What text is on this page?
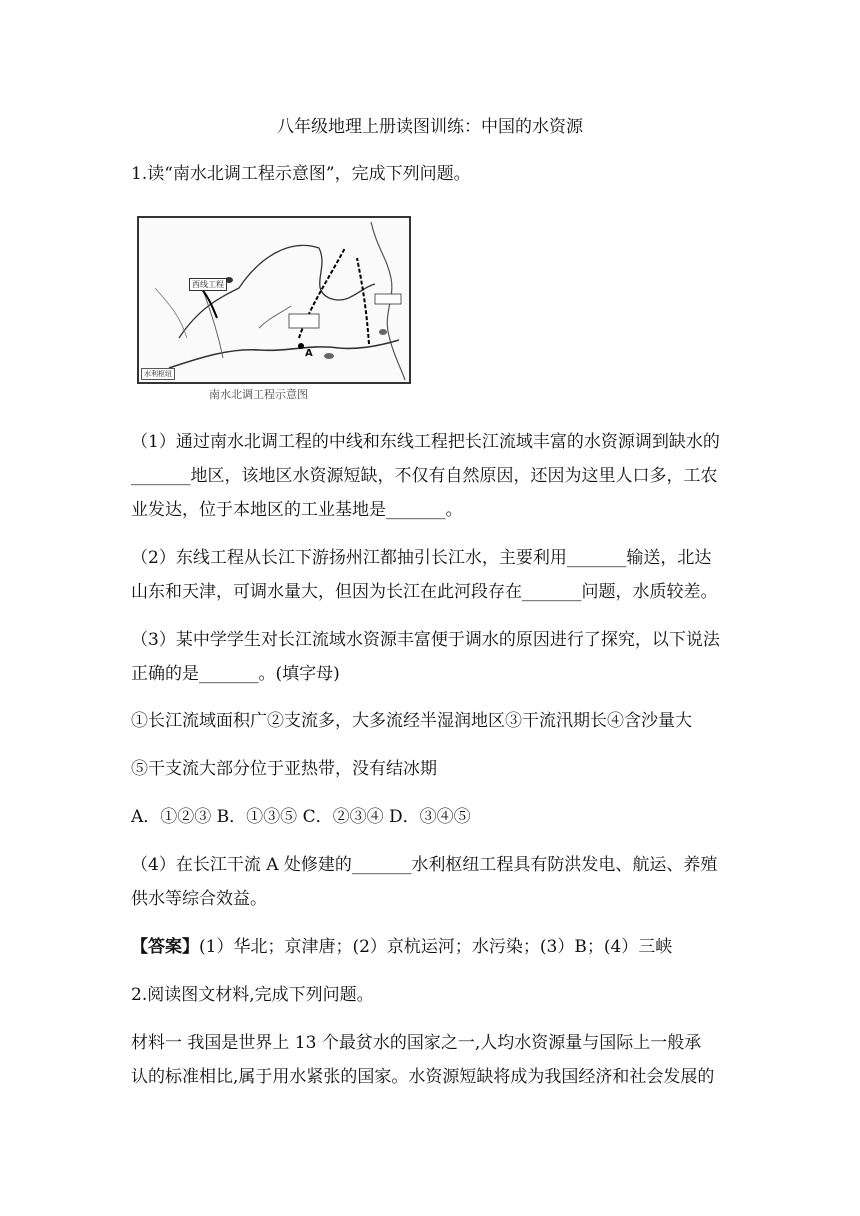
八年级地理上册读图训练：中国的水资源
1.读“南水北调工程示意图”，完成下列问题。
西线工程
A
水利枢纽
南水北调工程示意图
（1）通过南水北调工程的中线和东线工程把长江流域丰富的水资源调到缺水的
_______地区，该地区水资源短缺，不仅有自然原因，还因为这里人口多，工农
业发达，位于本地区的工业基地是_______。
（2）东线工程从长江下游扬州江都抽引长江水，主要利用_______输送，北达
山东和天津，可调水量大，但因为长江在此河段存在_______问题，水质较差。
（3）某中学学生对长江流域水资源丰富便于调水的原因进行了探究，以下说法
正确的是_______。(填字母)
①长江流域面积广②支流多，大多流经半湿润地区③干流汛期长④含沙量大
⑤干支流大部分位于亚热带，没有结冰期
A．①②③ B．①③⑤ C．②③④ D．③④⑤
（4）在长江干流 A 处修建的_______水利枢纽工程具有防洪发电、航运、养殖
供水等综合效益。
【答案】(1）华北；京津唐；(2）京杭运河；水污染；(3）B；(4）三峡
2.阅读图文材料,完成下列问题。
材料一 我国是世界上 13 个最贫水的国家之一,人均水资源量与国际上一般承
认的标准相比,属于用水紧张的国家。水资源短缺将成为我国经济和社会发展的
